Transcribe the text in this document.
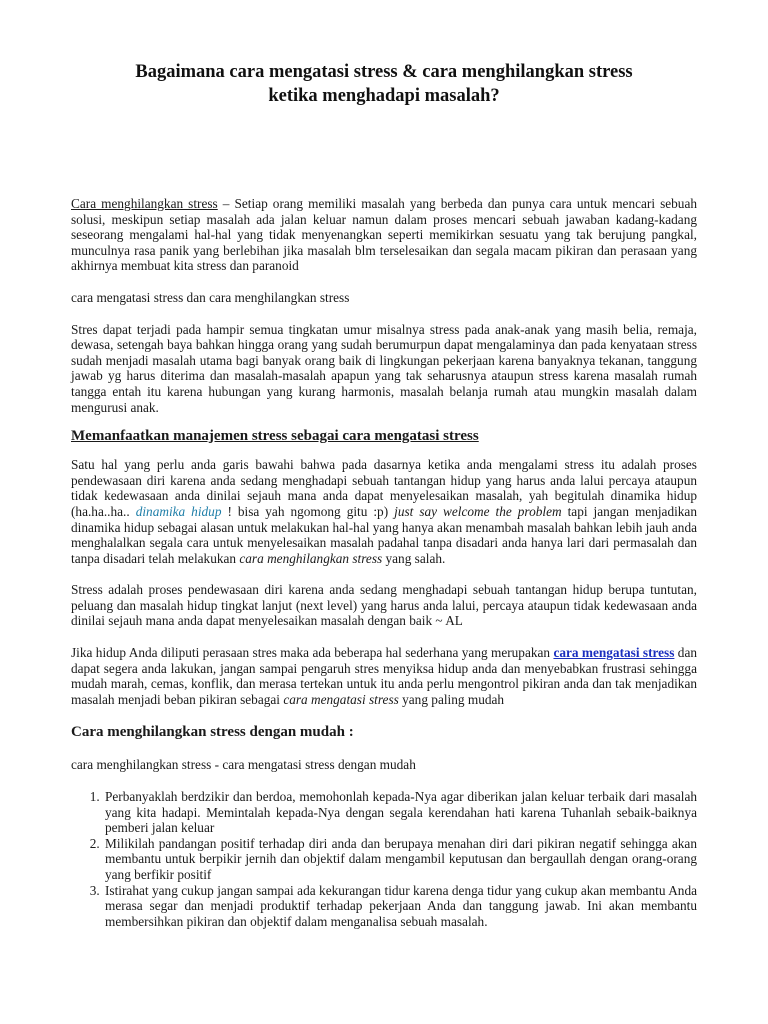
Bagaimana cara mengatasi stress & cara menghilangkan stress
ketika menghadapi masalah?

Cara menghilangkan stress – Setiap orang memiliki masalah yang berbeda dan punya cara untuk mencari sebuah solusi, meskipun setiap masalah ada jalan keluar namun dalam proses mencari sebuah jawaban kadang-kadang seseorang mengalami hal-hal yang tidak menyenangkan seperti memikirkan sesuatu yang tak berujung pangkal, munculnya rasa panik yang berlebihan jika masalah blm terselesaikan dan segala macam pikiran dan perasaan yang akhirnya membuat kita stress dan paranoid

cara mengatasi stress dan cara menghilangkan stress

Stres dapat terjadi pada hampir semua tingkatan umur misalnya stress pada anak-anak yang masih belia, remaja, dewasa, setengah baya bahkan hingga orang yang sudah berumurpun dapat mengalaminya dan pada kenyataan stress sudah menjadi masalah utama bagi banyak orang baik di lingkungan pekerjaan karena banyaknya tekanan, tanggung jawab yg harus diterima dan masalah-masalah apapun yang tak seharusnya ataupun stress karena masalah rumah tangga entah itu karena hubungan yang kurang harmonis, masalah belanja rumah atau mungkin masalah dalam mengurusi anak.

Memanfaatkan manajemen stress sebagai cara mengatasi stress

Satu hal yang perlu anda garis bawahi bahwa pada dasarnya ketika anda mengalami stress itu adalah proses pendewasaan diri karena anda sedang menghadapi sebuah tantangan hidup yang harus anda lalui percaya ataupun tidak kedewasaan anda dinilai sejauh mana anda dapat menyelesaikan masalah, yah begitulah dinamika hidup (ha.ha..ha.. dinamika hidup ! bisa yah ngomong gitu :p) just say welcome the problem tapi jangan menjadikan dinamika hidup sebagai alasan untuk melakukan hal-hal yang hanya akan menambah masalah bahkan lebih jauh anda menghalalkan segala cara untuk menyelesaikan masalah padahal tanpa disadari anda hanya lari dari permasalah dan tanpa disadari telah melakukan cara menghilangkan stress yang salah.

Stress adalah proses pendewasaan diri karena anda sedang menghadapi sebuah tantangan hidup berupa tuntutan, peluang dan masalah hidup tingkat lanjut (next level) yang harus anda lalui, percaya ataupun tidak kedewasaan anda dinilai sejauh mana anda dapat menyelesaikan masalah dengan baik ~ AL

Jika hidup Anda diliputi perasaan stres maka ada beberapa hal sederhana yang merupakan cara mengatasi stress dan dapat segera anda lakukan, jangan sampai pengaruh stres menyiksa hidup anda dan menyebabkan frustrasi sehingga mudah marah, cemas, konflik, dan merasa tertekan untuk itu anda perlu mengontrol pikiran anda dan tak menjadikan masalah menjadi beban pikiran sebagai cara mengatasi stress yang paling mudah

Cara menghilangkan stress dengan mudah :

cara menghilangkan stress - cara mengatasi stress dengan mudah

1. Perbanyaklah berdzikir dan berdoa, memohonlah kepada-Nya agar diberikan jalan keluar terbaik dari masalah yang kita hadapi. Memintalah kepada-Nya dengan segala kerendahan hati karena Tuhanlah sebaik-baiknya pemberi jalan keluar
2. Milikilah pandangan positif terhadap diri anda dan berupaya menahan diri dari pikiran negatif sehingga akan membantu untuk berpikir jernih dan objektif dalam mengambil keputusan dan bergaullah dengan orang-orang yang berfikir positif
3. Istirahat yang cukup jangan sampai ada kekurangan tidur karena denga tidur yang cukup akan membantu Anda merasa segar dan menjadi produktif terhadap pekerjaan Anda dan tanggung jawab. Ini akan membantu membersihkan pikiran dan objektif dalam menganalisa sebuah masalah.
